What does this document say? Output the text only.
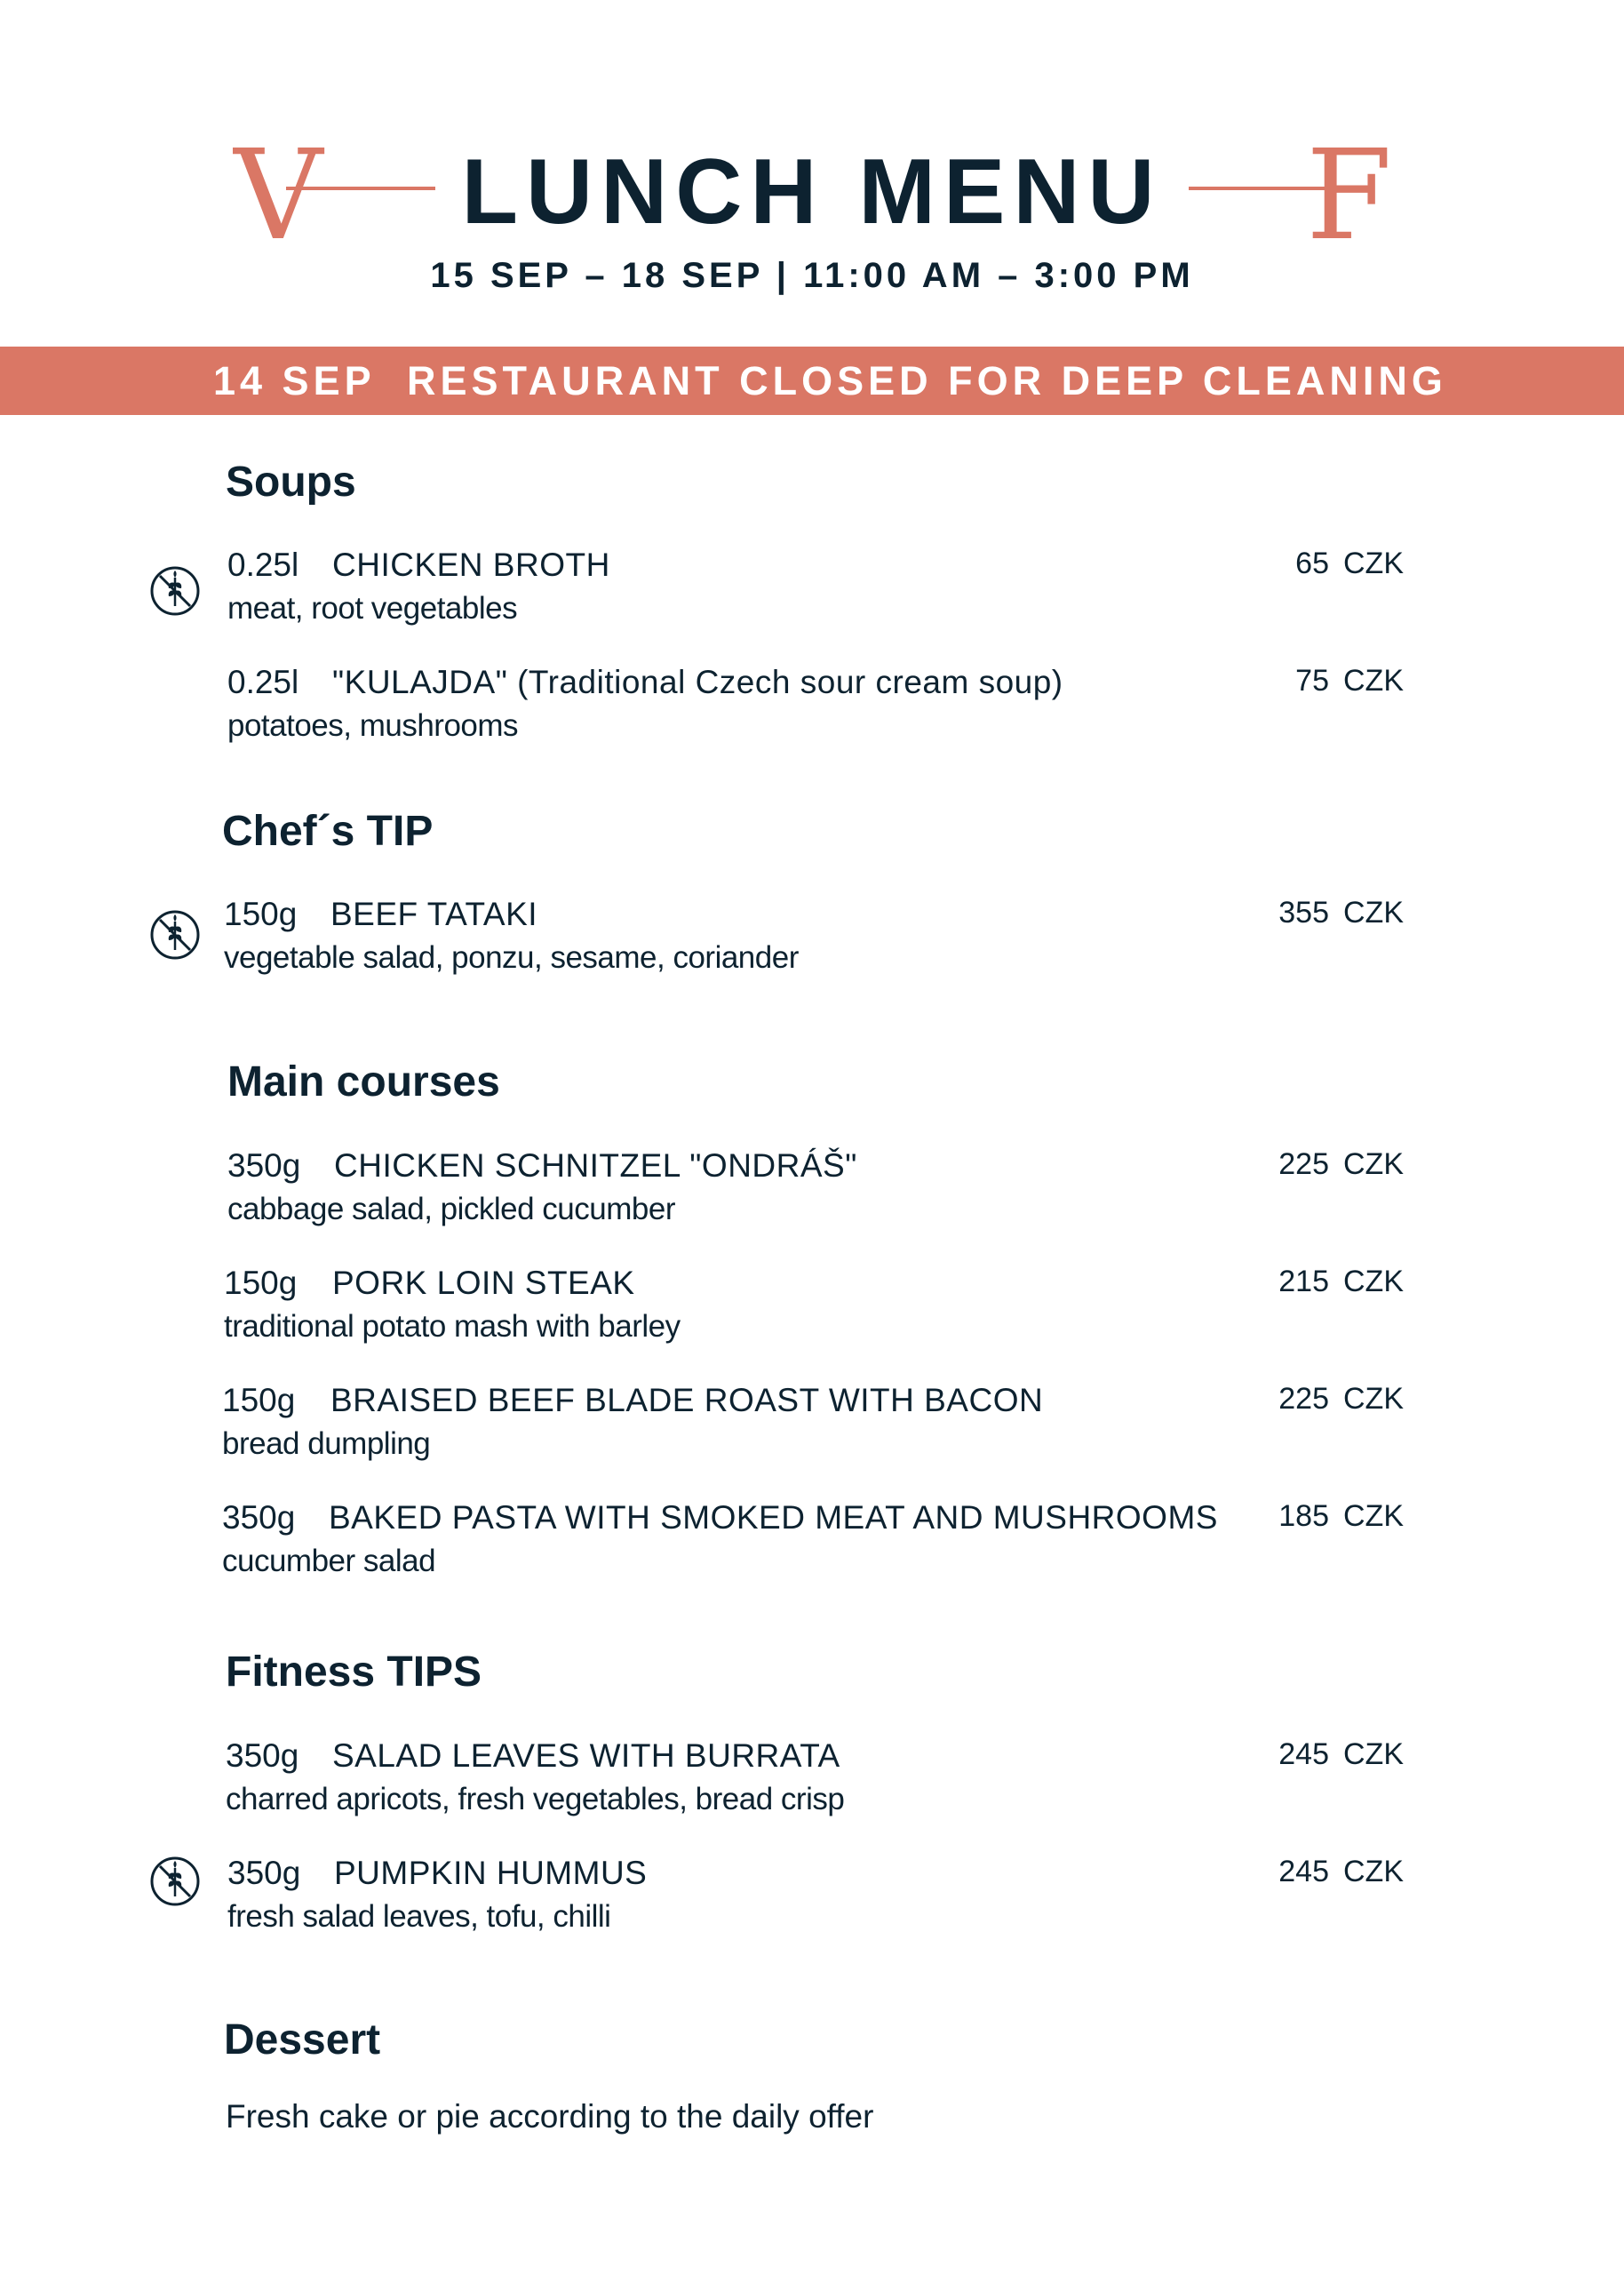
V	F
LUNCH MENU
15 SEP – 18 SEP | 11:00 AM – 3:00 PM
14 SEP RESTAURANT CLOSED FOR DEEP CLEANING
Soups
0.25l CHICKEN BROTH
meat, root vegetables
65 CZK
0.25l "KULAJDA" (Traditional Czech sour cream soup)
potatoes, mushrooms
75 CZK
Chef´s TIP
150g BEEF TATAKI
vegetable salad, ponzu, sesame, coriander
355 CZK
Main courses
350g CHICKEN SCHNITZEL "ONDRÁŠ"
cabbage salad, pickled cucumber
225 CZK
150g PORK LOIN STEAK
traditional potato mash with barley
215 CZK
150g BRAISED BEEF BLADE ROAST WITH BACON
bread dumpling
225 CZK
350g BAKED PASTA WITH SMOKED MEAT AND MUSHROOMS
cucumber salad
185 CZK
Fitness TIPS
350g SALAD LEAVES WITH BURRATA
charred apricots, fresh vegetables, bread crisp
245 CZK
350g PUMPKIN HUMMUS
fresh salad leaves, tofu, chilli
245 CZK
Dessert
Fresh cake or pie according to the daily offer
